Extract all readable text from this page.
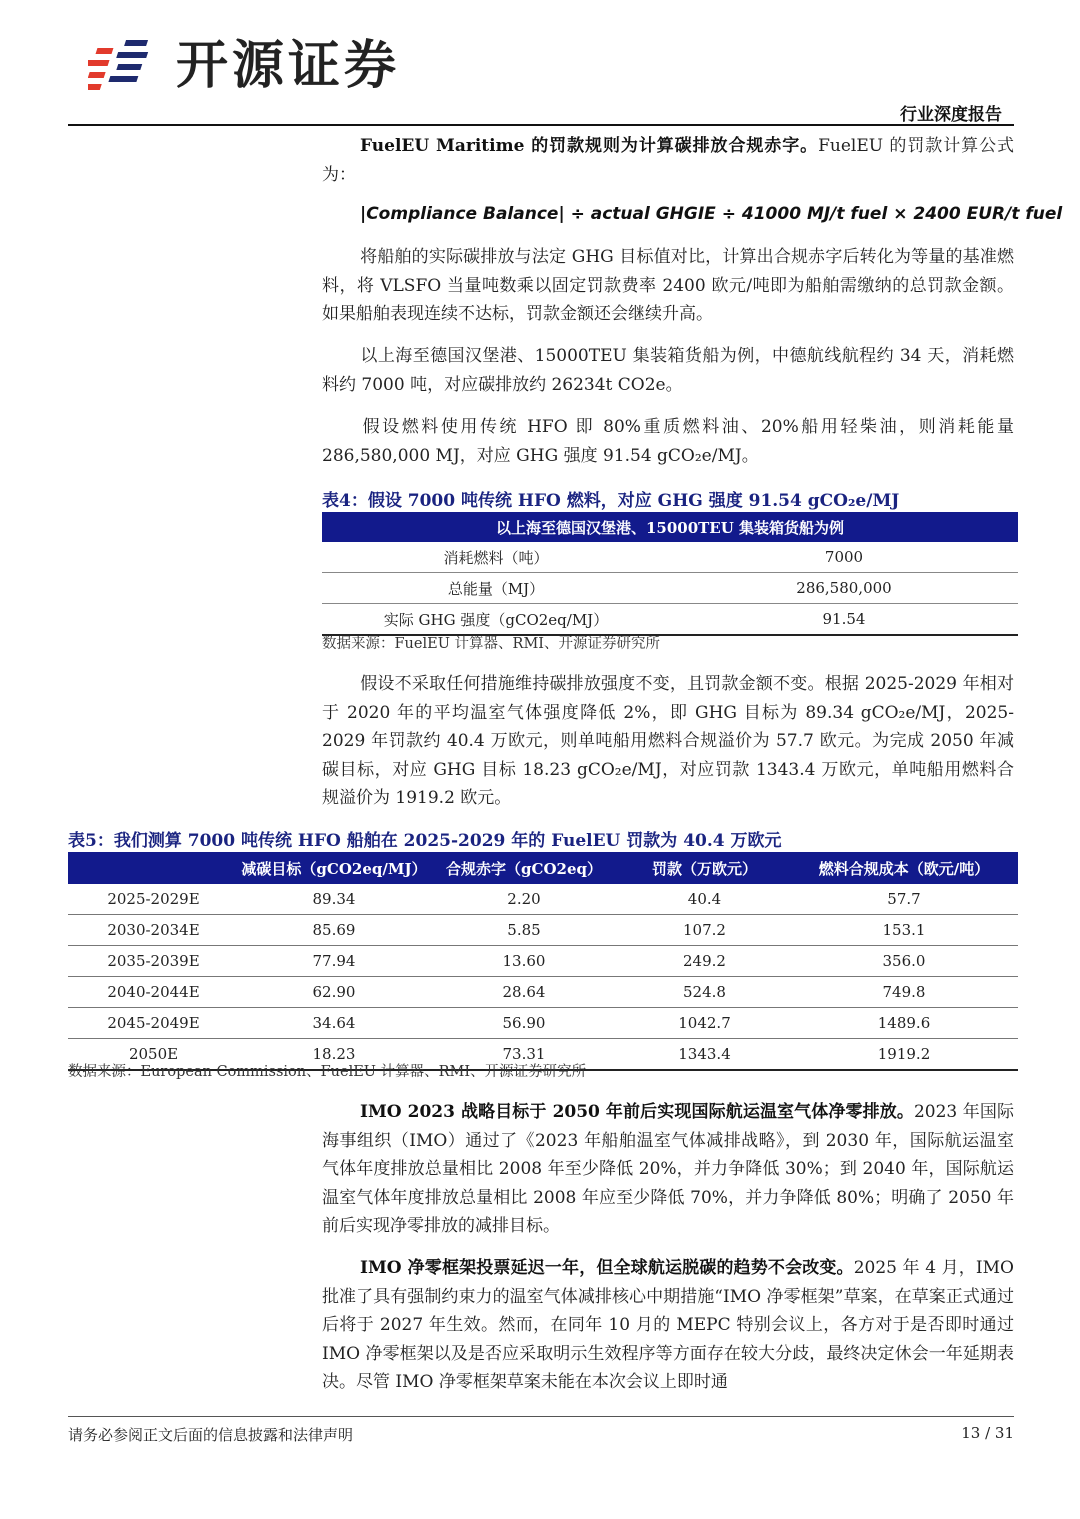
开源证券
行业深度报告
FuelEU Maritime 的罚款规则为计算碳排放合规赤字。FuelEU 的罚款计算公式为：
|Compliance Balance| ÷ actual GHGIE ÷ 41000 MJ/t fuel × 2400 EUR/t fuel
将船舶的实际碳排放与法定 GHG 目标值对比，计算出合规赤字后转化为等量的基准燃料，将 VLSFO 当量吨数乘以固定罚款费率 2400 欧元/吨即为船舶需缴纳的总罚款金额。如果船舶表现连续不达标，罚款金额还会继续升高。
以上海至德国汉堡港、15000TEU 集装箱货船为例，中德航线航程约 34 天，消耗燃料约 7000 吨，对应碳排放约 26234t CO2e。
假设燃料使用传统 HFO 即 80%重质燃料油、20%船用轻柴油，则消耗能量 286,580,000 MJ，对应 GHG 强度 91.54 gCO₂e/MJ。
表4：假设 7000 吨传统 HFO 燃料，对应 GHG 强度 91.54 gCO₂e/MJ
以上海至德国汉堡港、15000TEU 集装箱货船为例	
消耗燃料（吨）	7000
总能量（MJ）	286,580,000
实际 GHG 强度（gCO2eq/MJ）	91.54
数据来源：FuelEU 计算器、RMI、开源证券研究所
假设不采取任何措施维持碳排放强度不变，且罚款金额不变。根据 2025-2029 年相对于 2020 年的平均温室气体强度降低 2%，即 GHG 目标为 89.34 gCO₂e/MJ，2025-2029 年罚款约 40.4 万欧元，则单吨船用燃料合规溢价为 57.7 欧元。为完成 2050 年减碳目标，对应 GHG 目标 18.23 gCO₂e/MJ，对应罚款 1343.4 万欧元，单吨船用燃料合规溢价为 1919.2 欧元。
表5：我们测算 7000 吨传统 HFO 船舶在 2025-2029 年的 FuelEU 罚款为 40.4 万欧元
	减碳目标（gCO2eq/MJ）	合规赤字（gCO2eq）	罚款（万欧元）	燃料合规成本（欧元/吨）
2025-2029E	89.34	2.20	40.4	57.7
2030-2034E	85.69	5.85	107.2	153.1
2035-2039E	77.94	13.60	249.2	356.0
2040-2044E	62.90	28.64	524.8	749.8
2045-2049E	34.64	56.90	1042.7	1489.6
2050E	18.23	73.31	1343.4	1919.2
数据来源：European Commission、FuelEU 计算器、RMI、开源证券研究所
IMO 2023 战略目标于 2050 年前后实现国际航运温室气体净零排放。2023 年国际海事组织（IMO）通过了《2023 年船舶温室气体减排战略》，到 2030 年，国际航运温室气体年度排放总量相比 2008 年至少降低 20%，并力争降低 30%；到 2040 年，国际航运温室气体年度排放总量相比 2008 年应至少降低 70%，并力争降低 80%；明确了 2050 年前后实现净零排放的减排目标。
IMO 净零框架投票延迟一年，但全球航运脱碳的趋势不会改变。2025 年 4 月，IMO 批准了具有强制约束力的温室气体减排核心中期措施“IMO 净零框架”草案，在草案正式通过后将于 2027 年生效。然而，在同年 10 月的 MEPC 特别会议上，各方对于是否即时通过 IMO 净零框架以及是否应采取明示生效程序等方面存在较大分歧，最终决定休会一年延期表决。尽管 IMO 净零框架草案未能在本次会议上即时通
请务必参阅正文后面的信息披露和法律声明	13 / 31
